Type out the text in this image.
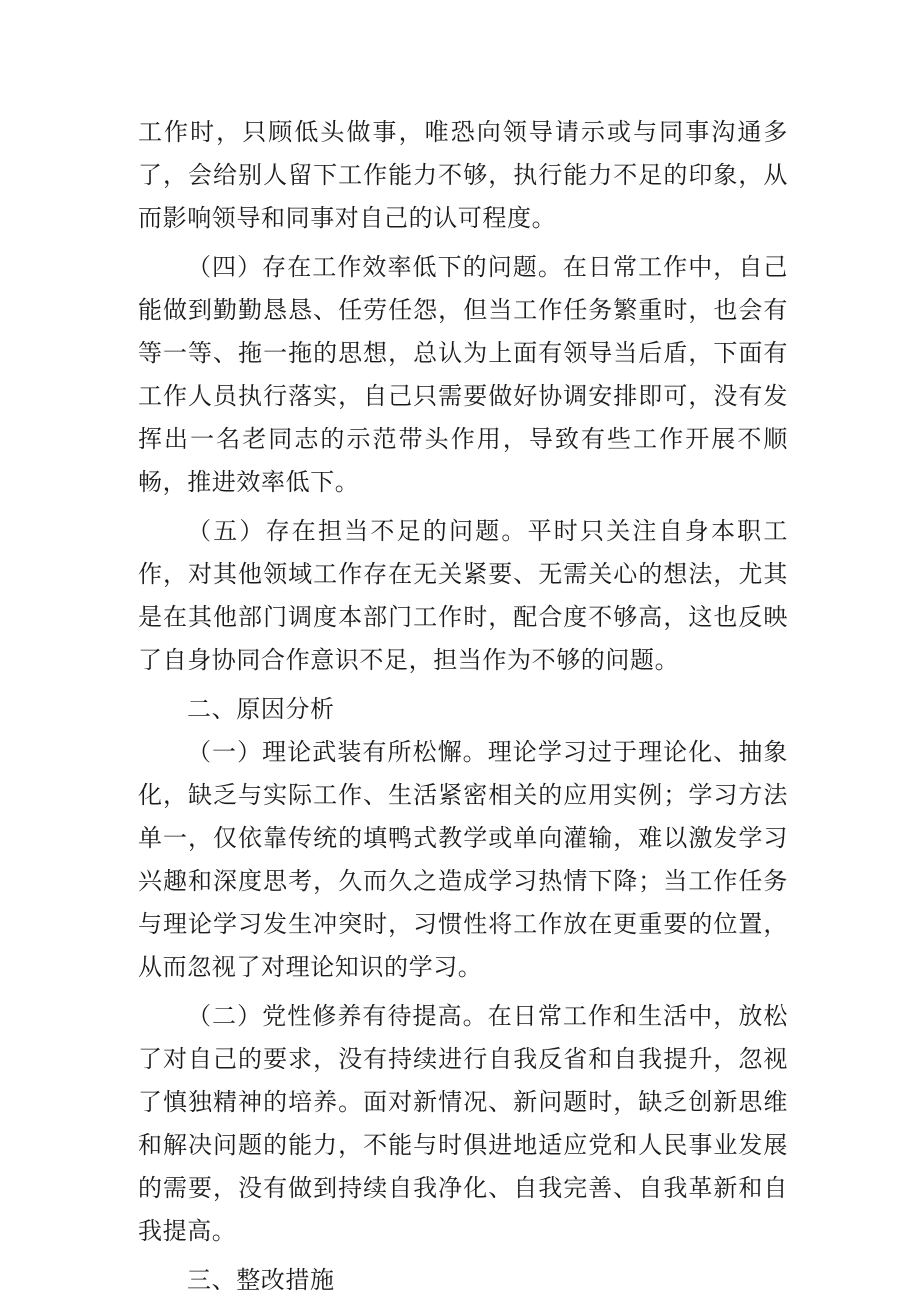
工作时，只顾低头做事，唯恐向领导请示或与同事沟通多了，会给别人留下工作能力不够，执行能力不足的印象，从而影响领导和同事对自己的认可程度。

（四）存在工作效率低下的问题。在日常工作中，自己能做到勤勤恳恳、任劳任怨，但当工作任务繁重时，也会有等一等、拖一拖的思想，总认为上面有领导当后盾，下面有工作人员执行落实，自己只需要做好协调安排即可，没有发挥出一名老同志的示范带头作用，导致有些工作开展不顺畅，推进效率低下。

（五）存在担当不足的问题。平时只关注自身本职工作，对其他领域工作存在无关紧要、无需关心的想法，尤其是在其他部门调度本部门工作时，配合度不够高，这也反映了自身协同合作意识不足，担当作为不够的问题。

二、原因分析

（一）理论武装有所松懈。理论学习过于理论化、抽象化，缺乏与实际工作、生活紧密相关的应用实例；学习方法单一，仅依靠传统的填鸭式教学或单向灌输，难以激发学习兴趣和深度思考，久而久之造成学习热情下降；当工作任务与理论学习发生冲突时，习惯性将工作放在更重要的位置，从而忽视了对理论知识的学习。

（二）党性修养有待提高。在日常工作和生活中，放松了对自己的要求，没有持续进行自我反省和自我提升，忽视了慎独精神的培养。面对新情况、新问题时，缺乏创新思维和解决问题的能力，不能与时俱进地适应党和人民事业发展的需要，没有做到持续自我净化、自我完善、自我革新和自我提高。

三、整改措施
